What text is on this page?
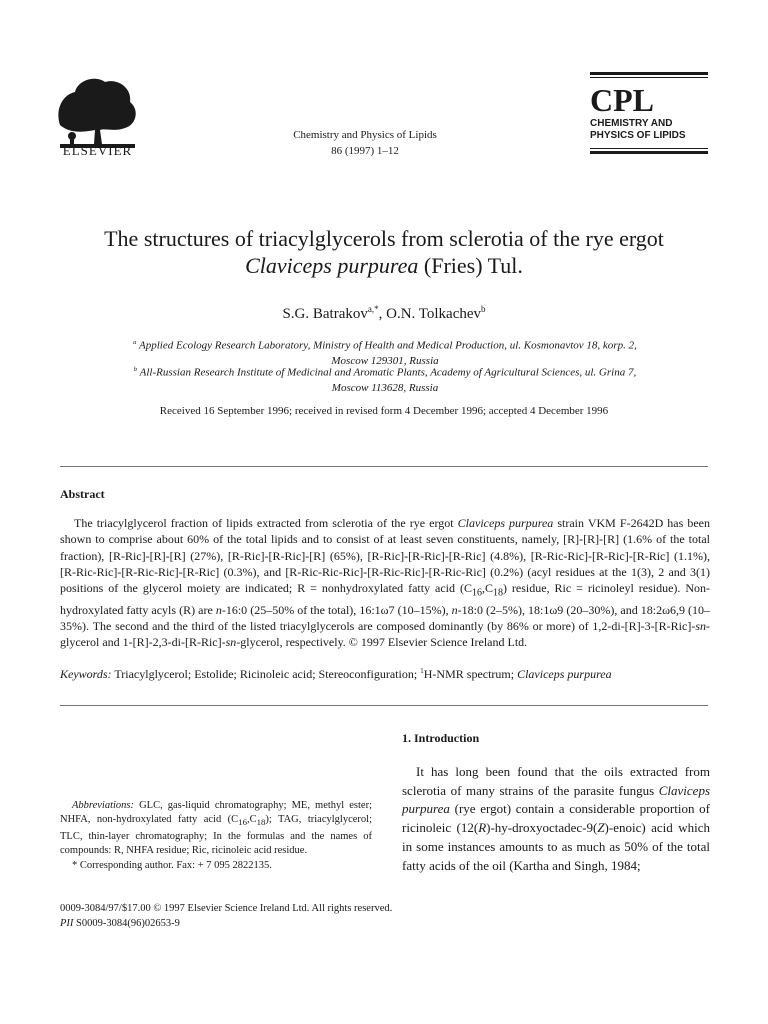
ELSEVIER
Chemistry and Physics of Lipids
86 (1997) 1–12
CPL
CHEMISTRY AND
PHYSICS OF LIPIDS
The structures of triacylglycerols from sclerotia of the rye ergot
Claviceps purpurea (Fries) Tul.
S.G. Batrakov$^{a,*}$, O.N. Tolkachev$^b$
$^a$ Applied Ecology Research Laboratory, Ministry of Health and Medical Production, ul. Kosmonavtov 18, korp. 2,
Moscow 129301, Russia
$^b$ All-Russian Research Institute of Medicinal and Aromatic Plants, Academy of Agricultural Sciences, ul. Grina 7,
Moscow 113628, Russia
Received 16 September 1996; received in revised form 4 December 1996; accepted 4 December 1996
Abstract
The triacylglycerol fraction of lipids extracted from sclerotia of the rye ergot Claviceps purpurea strain VKM F-2642D has been shown to comprise about 60% of the total lipids and to consist of at least seven constituents, namely, [R]-[R]-[R] (1.6% of the total fraction), [R-Ric]-[R]-[R] (27%), [R-Ric]-[R-Ric]-[R] (65%), [R-Ric]-[R-Ric]-[R-Ric] (4.8%), [R-Ric-Ric]-[R-Ric]-[R-Ric] (1.1%), [R-Ric-Ric]-[R-Ric-Ric]-[R-Ric] (0.3%), and [R-Ric-Ric-Ric]-[R-Ric-Ric]-[R-Ric-Ric] (0.2%) (acyl residues at the 1(3), 2 and 3(1) positions of the glycerol moiety are indicated; R = nonhydroxylated fatty acid $(C_{16},C_{18})$ residue, Ric = ricinoleyl residue). Non-hydroxylated fatty acyls (R) are n-16:0 (25–50% of the total), 16:1ω7 (10–15%), n-18:0 (2–5%), 18:1ω9 (20–30%), and 18:2ω6,9 (10–35%). The second and the third of the listed triacylglycerols are composed dominantly (by 86% or more) of 1,2-di-[R]-3-[R-Ric]-sn-glycerol and 1-[R]-2,3-di-[R-Ric]-sn-glycerol, respectively. © 1997 Elsevier Science Ireland Ltd.
Keywords: Triacylglycerol; Estolide; Ricinoleic acid; Stereoconfiguration; $^1$H-NMR spectrum; Claviceps purpurea
1. Introduction
It has long been found that the oils extracted from sclerotia of many strains of the parasite fungus Claviceps purpurea (rye ergot) contain a considerable proportion of ricinoleic (12(R)-hy-droxyoctadec-9(Z)-enoic) acid which in some instances amounts to as much as 50% of the total fatty acids of the oil (Kartha and Singh, 1984;
Abbreviations: GLC, gas-liquid chromatography; ME, methyl ester; NHFA, non-hydroxylated fatty acid $(C_{16},C_{18})$; TAG, triacylglycerol; TLC, thin-layer chromatography; In the formulas and the names of compounds: R, NHFA residue; Ric, ricinoleic acid residue.
* Corresponding author. Fax: + 7 095 2822135.
0009-3084/97/$17.00 © 1997 Elsevier Science Ireland Ltd. All rights reserved.
PII S0009-3084(96)02653-9
